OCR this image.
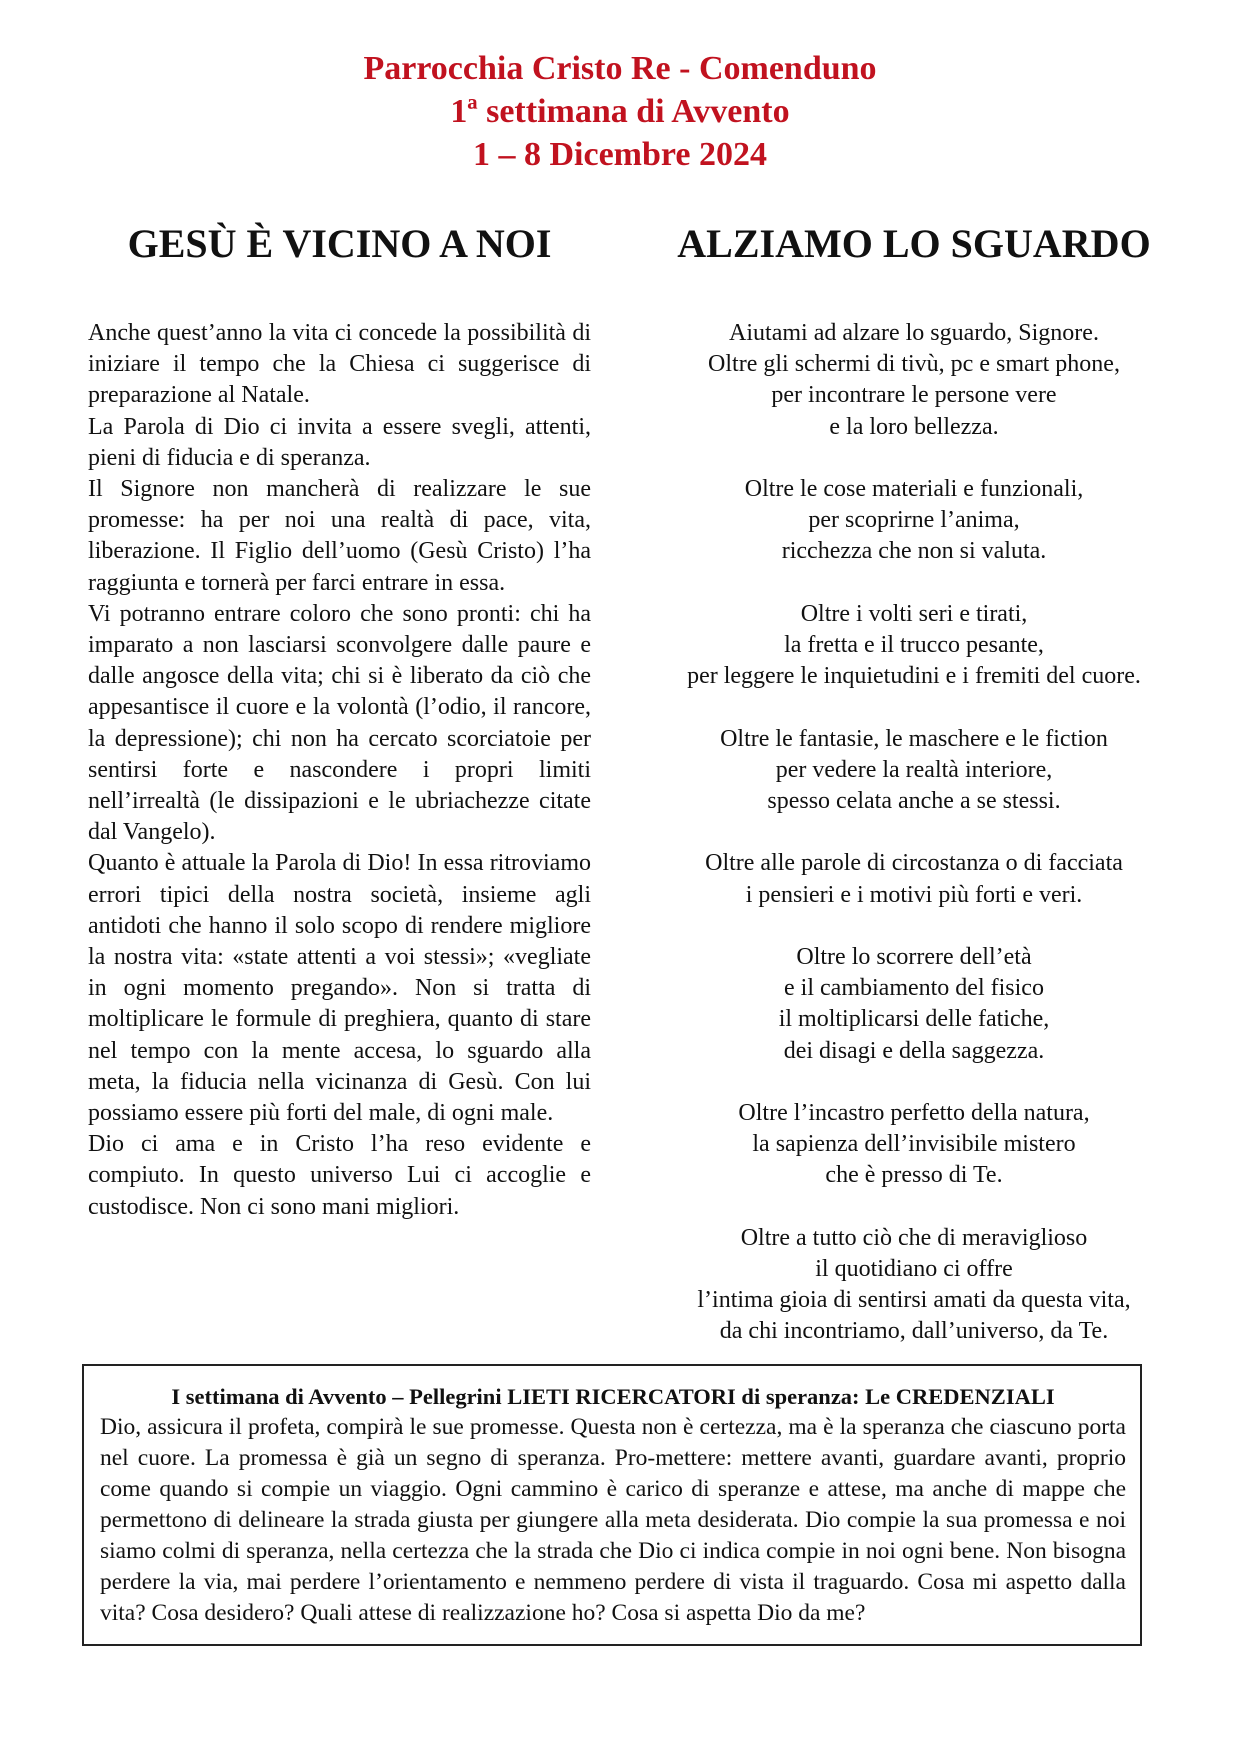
Parrocchia Cristo Re - Comenduno
1ª settimana di Avvento
1 – 8 Dicembre 2024
GESÙ È VICINO A NOI

Anche quest’anno la vita ci concede la possibilità di iniziare il tempo che la Chiesa ci suggerisce di preparazione al Natale.

La Parola di Dio ci invita a essere svegli, attenti, pieni di fiducia e di speranza.

Il Signore non mancherà di realizzare le sue promesse: ha per noi una realtà di pace, vita, liberazione. Il Figlio dell’uomo (Gesù Cristo) l’ha raggiunta e tornerà per farci entrare in essa.

Vi potranno entrare coloro che sono pronti: chi ha imparato a non lasciarsi sconvolgere dalle paure e dalle angosce della vita; chi si è liberato da ciò che appesantisce il cuore e la volontà (l’odio, il rancore, la depressione); chi non ha cercato scorciatoie per sentirsi forte e nascondere i propri limiti nell’irrealtà (le dissipazioni e le ubriachezze citate dal Vangelo).

Quanto è attuale la Parola di Dio! In essa ritroviamo errori tipici della nostra società, insieme agli antidoti che hanno il solo scopo di rendere migliore la nostra vita: «state attenti a voi stessi»; «vegliate in ogni momento pregando». Non si tratta di moltiplicare le formule di preghiera, quanto di stare nel tempo con la mente accesa, lo sguardo alla meta, la fiducia nella vicinanza di Gesù. Con lui possiamo essere più forti del male, di ogni male.

Dio ci ama e in Cristo l’ha reso evidente e compiuto. In questo universo Lui ci accoglie e custodisce. Non ci sono mani migliori.

ALZIAMO LO SGUARDO
Aiutami ad alzare lo sguardo, Signore.
Oltre gli schermi di tivù, pc e smart phone,
per incontrare le persone vere
e la loro bellezza.
Oltre le cose materiali e funzionali,
per scoprirne l’anima,
ricchezza che non si valuta.
Oltre i volti seri e tirati,
la fretta e il trucco pesante,
per leggere le inquietudini e i fremiti del cuore.
Oltre le fantasie, le maschere e le fiction
per vedere la realtà interiore,
spesso celata anche a se stessi.
Oltre alle parole di circostanza o di facciata
i pensieri e i motivi più forti e veri.
Oltre lo scorrere dell’età
e il cambiamento del fisico
il moltiplicarsi delle fatiche,
dei disagi e della saggezza.
Oltre l’incastro perfetto della natura,
la sapienza dell’invisibile mistero
che è presso di Te.
Oltre a tutto ciò che di meraviglioso
il quotidiano ci offre
l’intima gioia di sentirsi amati da questa vita,
da chi incontriamo, dall’universo, da Te.
I settimana di Avvento – Pellegrini LIETI RICERCATORI di speranza: Le CREDENZIALI

Dio, assicura il profeta, compirà le sue promesse. Questa non è certezza, ma è la speranza che ciascuno porta nel cuore. La promessa è già un segno di speranza. Pro-mettere: mettere avanti, guardare avanti, proprio come quando si compie un viaggio. Ogni cammino è carico di speranze e attese, ma anche di mappe che permettono di delineare la strada giusta per giungere alla meta desiderata. Dio compie la sua promessa e noi siamo colmi di speranza, nella certezza che la strada che Dio ci indica compie in noi ogni bene. Non bisogna perdere la via, mai perdere l’orientamento e nemmeno perdere di vista il traguardo. Cosa mi aspetto dalla vita? Cosa desidero? Quali attese di realizzazione ho? Cosa si aspetta Dio da me?
